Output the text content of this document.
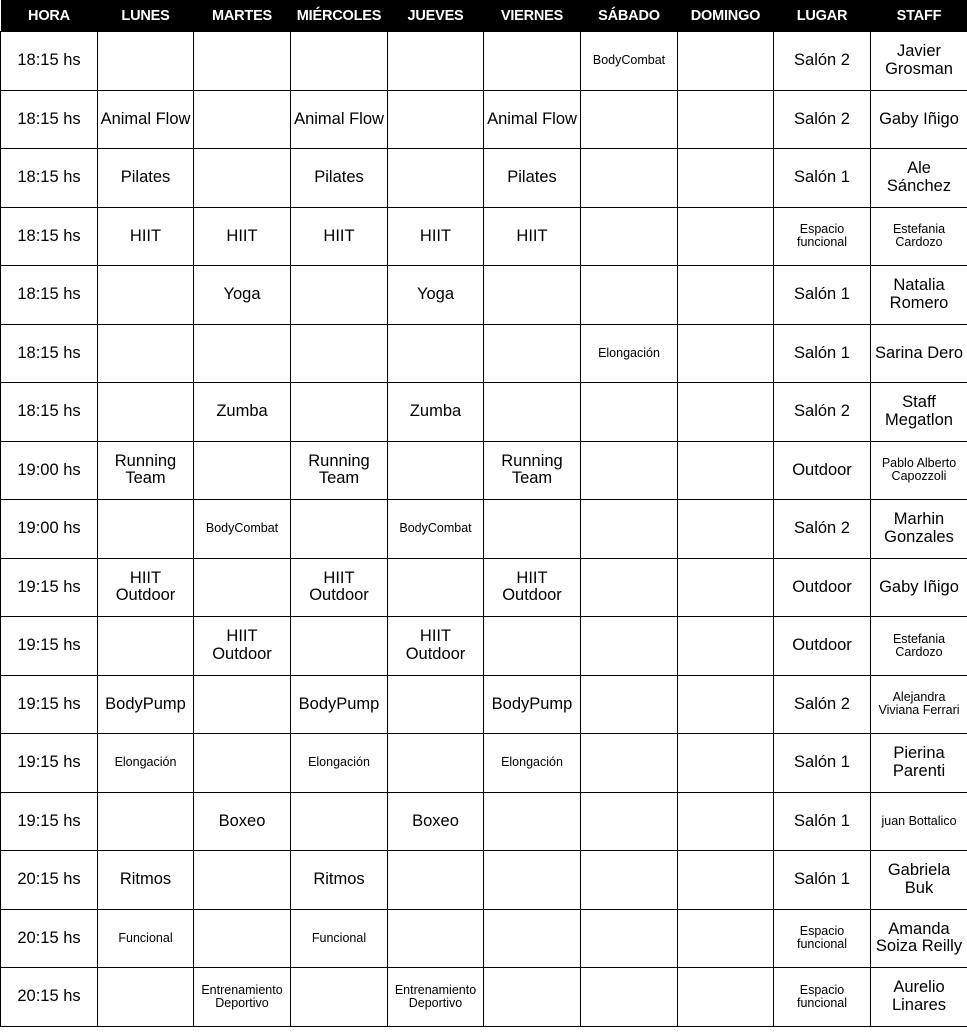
HORA	LUNES	MARTES	MIÉRCOLES	JUEVES	VIERNES	SÁBADO	DOMINGO	LUGAR	STAFF
18:15 hs						BodyCombat		Salón 2	Javier Grosman
18:15 hs	Animal Flow		Animal Flow		Animal Flow			Salón 2	Gaby Iñigo
18:15 hs	Pilates		Pilates		Pilates			Salón 1	Ale Sánchez
18:15 hs	HIIT	HIIT	HIIT	HIIT	HIIT			Espacio funcional	Estefania Cardozo
18:15 hs		Yoga		Yoga				Salón 1	Natalia Romero
18:15 hs						Elongación		Salón 1	Sarina Dero
18:15 hs		Zumba		Zumba				Salón 2	Staff Megatlon
19:00 hs	Running Team		Running Team		Running Team			Outdoor	Pablo Alberto Capozzoli
19:00 hs		BodyCombat		BodyCombat				Salón 2	Marhin Gonzales
19:15 hs	HIIT Outdoor		HIIT Outdoor		HIIT Outdoor			Outdoor	Gaby Iñigo
19:15 hs		HIIT Outdoor		HIIT Outdoor				Outdoor	Estefania Cardozo
19:15 hs	BodyPump		BodyPump		BodyPump			Salón 2	Alejandra Viviana Ferrari
19:15 hs	Elongación		Elongación		Elongación			Salón 1	Pierina Parenti
19:15 hs		Boxeo		Boxeo				Salón 1	juan Bottalico
20:15 hs	Ritmos		Ritmos					Salón 1	Gabriela Buk
20:15 hs	Funcional		Funcional					Espacio funcional	Amanda Soiza Reilly
20:15 hs		Entrenamiento Deportivo		Entrenamiento Deportivo				Espacio funcional	Aurelio Linares
